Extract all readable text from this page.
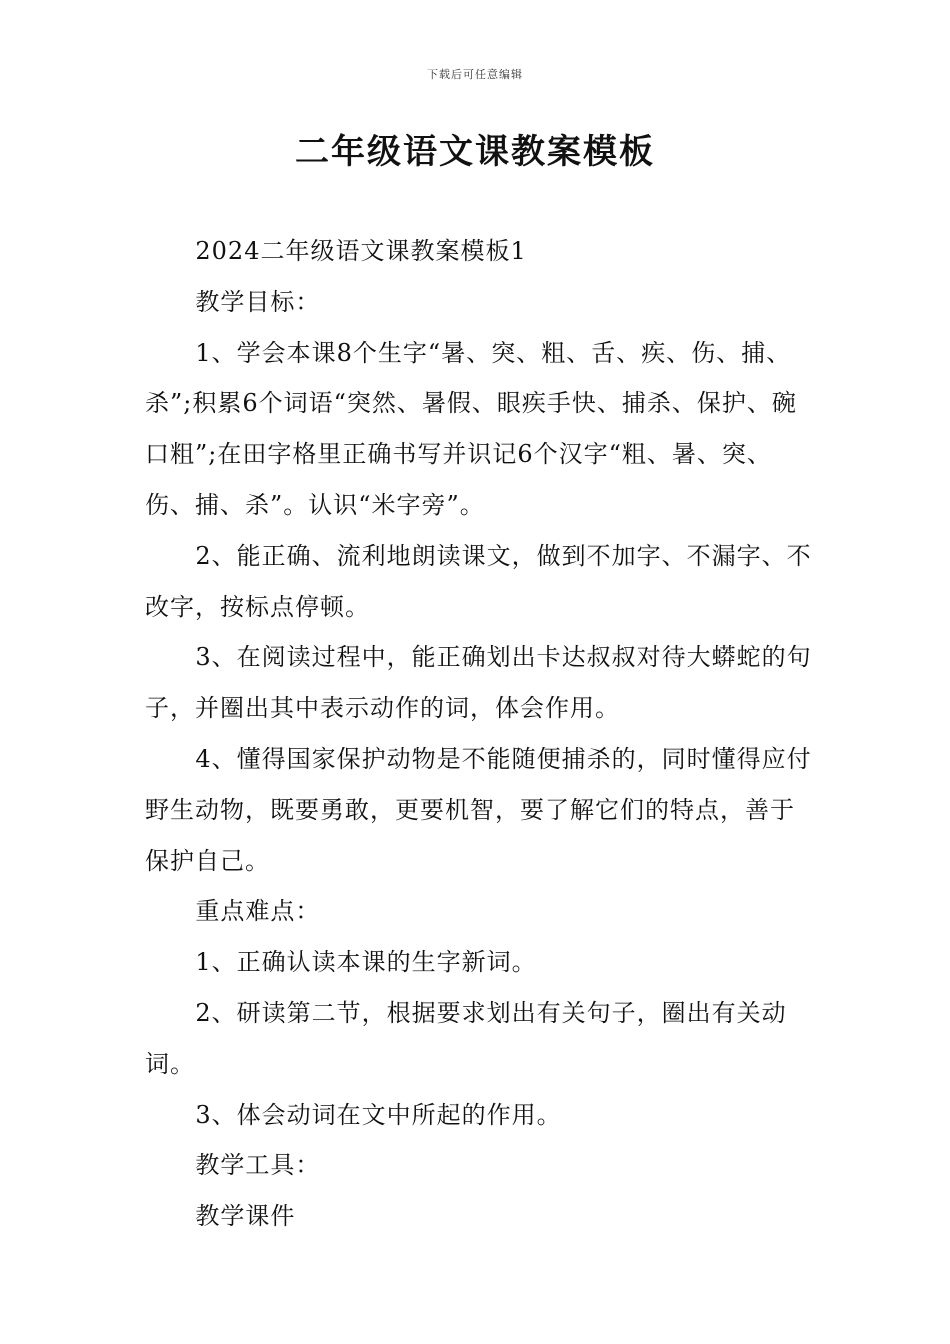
下载后可任意编辑
二年级语文课教案模板

2024二年级语文课教案模板1

教学目标：

1、学会本课8个生字“暑、突、粗、舌、疾、伤、捕、杀”;积累6个词语“突然、暑假、眼疾手快、捕杀、保护、碗口粗”;在田字格里正确书写并识记6个汉字“粗、暑、突、伤、捕、杀”。认识“米字旁”。

2、能正确、流利地朗读课文，做到不加字、不漏字、不改字，按标点停顿。

3、在阅读过程中，能正确划出卡达叔叔对待大蟒蛇的句子，并圈出其中表示动作的词，体会作用。

4、懂得国家保护动物是不能随便捕杀的，同时懂得应付野生动物，既要勇敢，更要机智，要了解它们的特点，善于保护自己。

重点难点：

1、正确认读本课的生字新词。

2、研读第二节，根据要求划出有关句子，圈出有关动词。

3、体会动词在文中所起的作用。

教学工具：

教学课件
